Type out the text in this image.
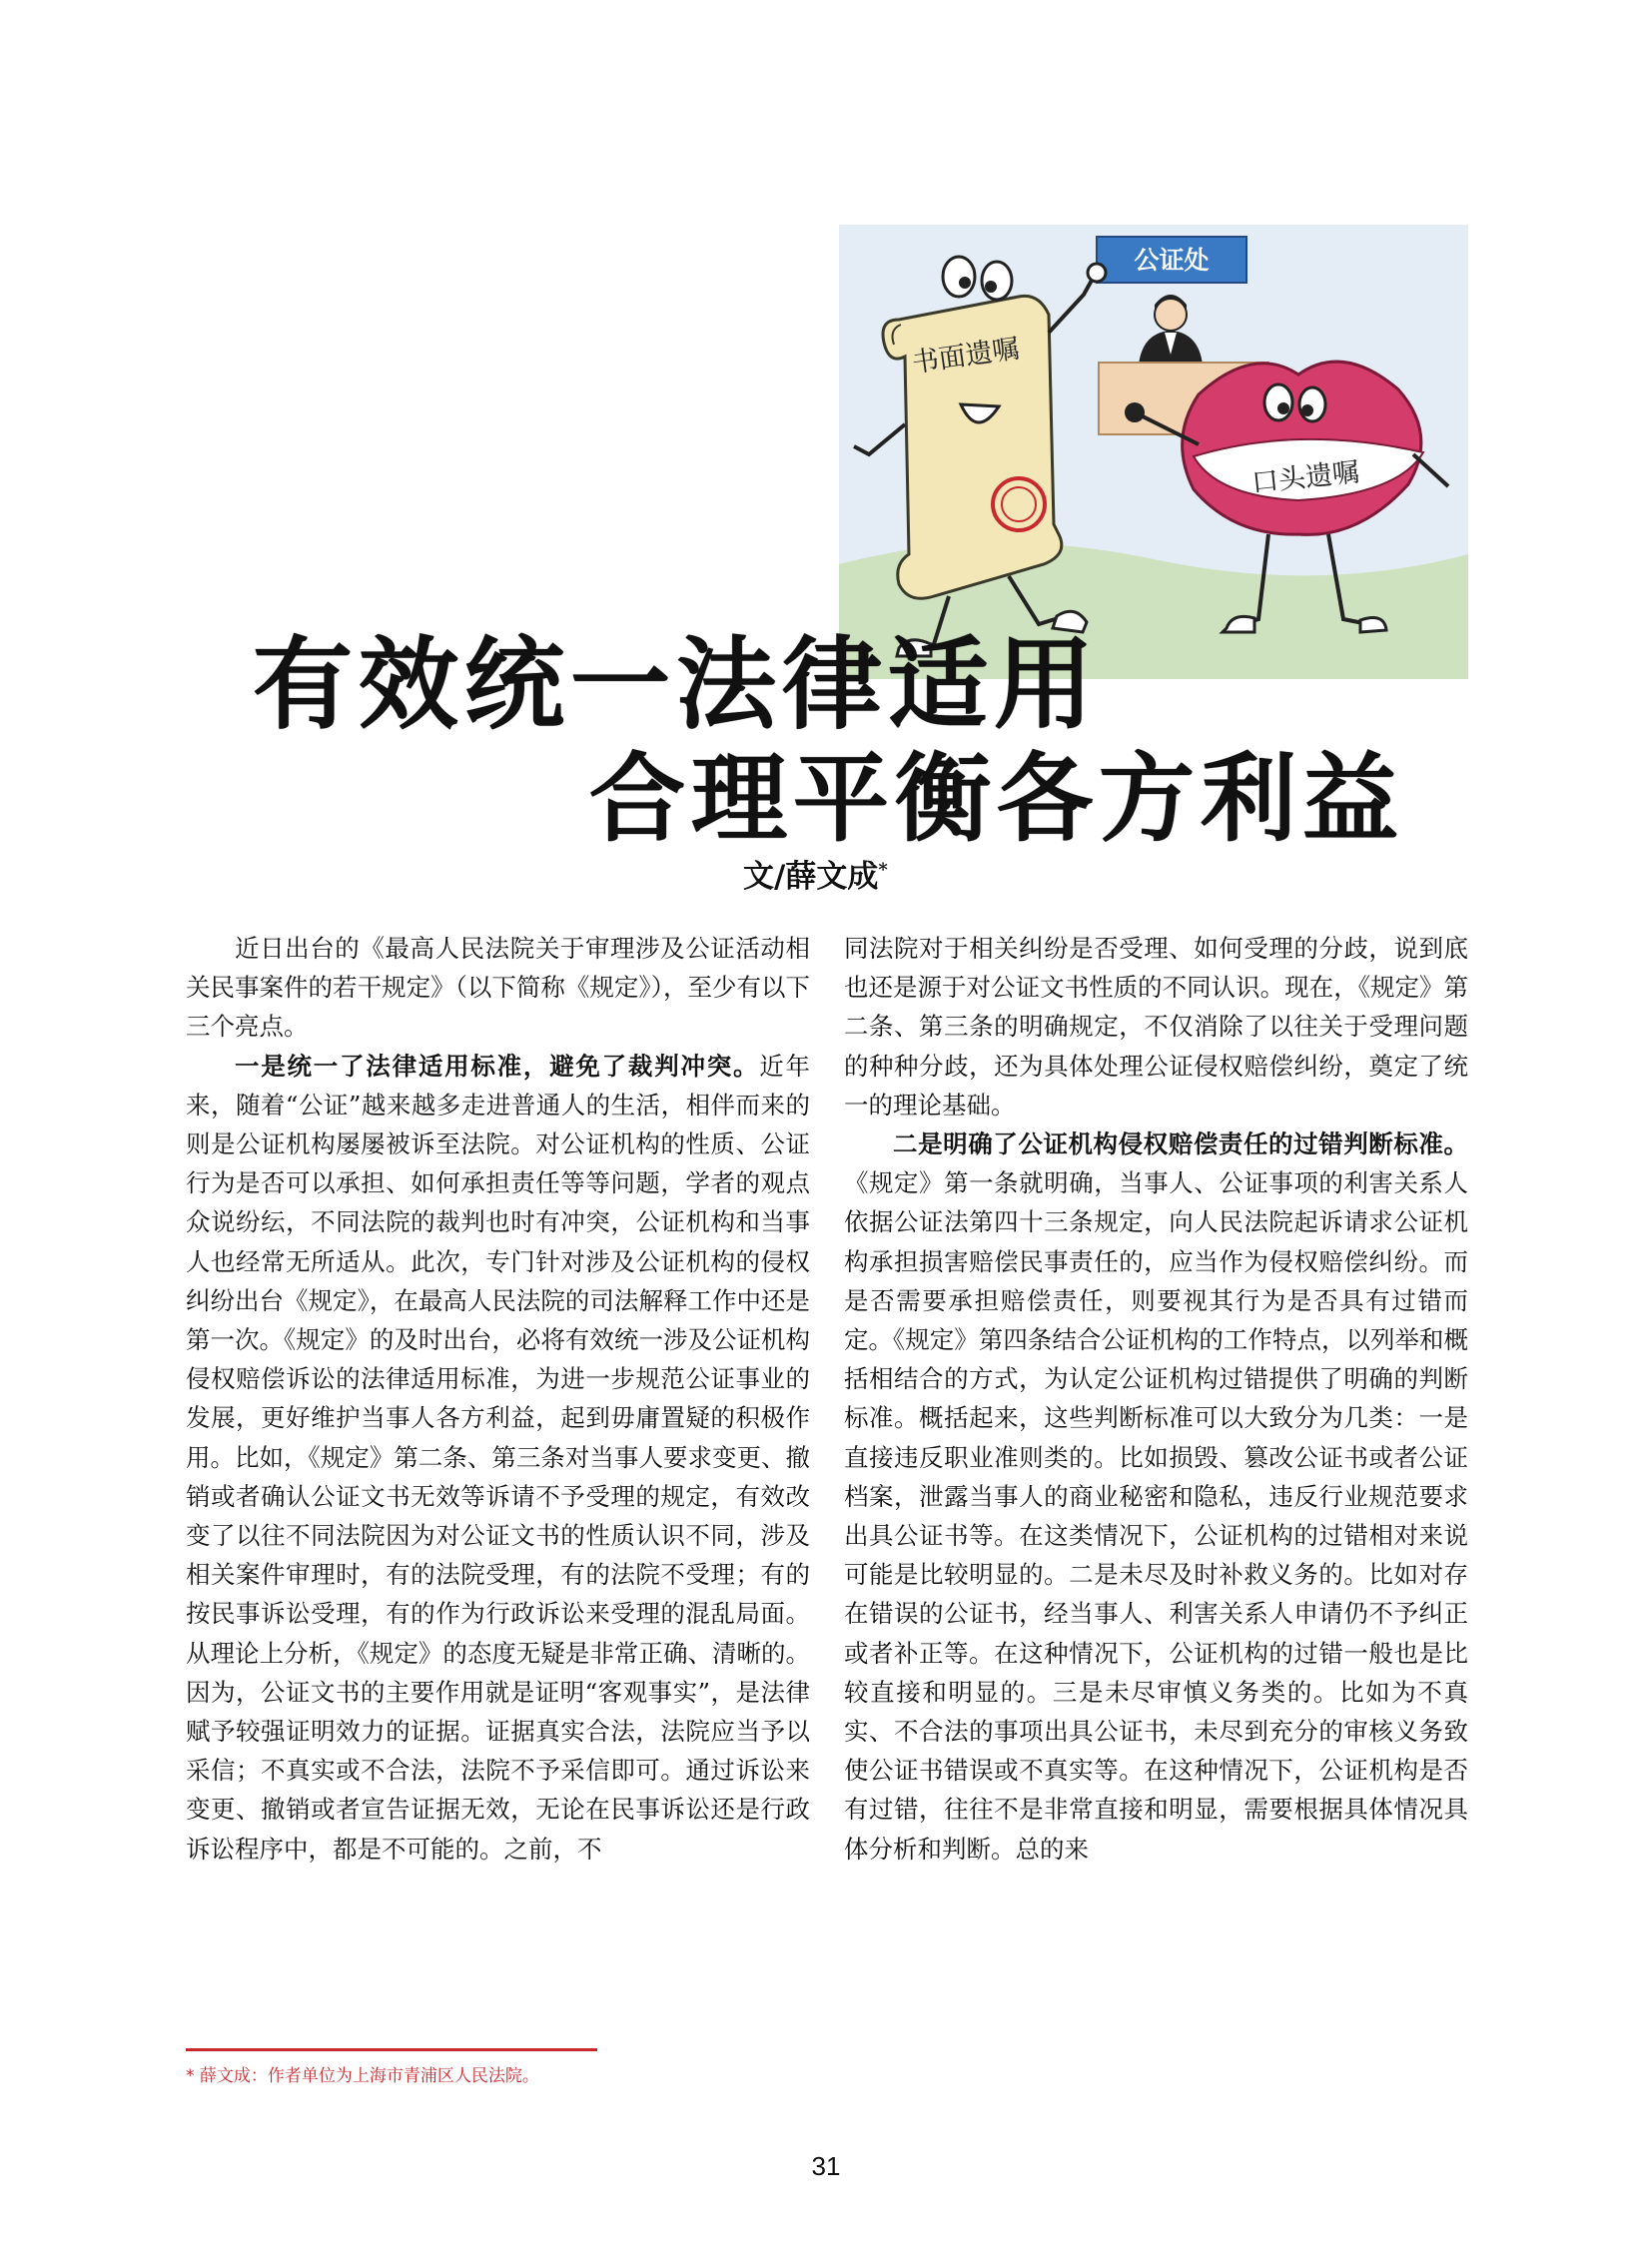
公证处
书面遗嘱
口头遗嘱
有效统一法律适用
合理平衡各方利益
文/薛文成*

近日出台的《最高人民法院关于审理涉及公证活动相关民事案件的若干规定》（以下简称《规定》），至少有以下三个亮点。

一是统一了法律适用标准，避免了裁判冲突。近年来，随着“公证”越来越多走进普通人的生活，相伴而来的则是公证机构屡屡被诉至法院。对公证机构的性质、公证行为是否可以承担、如何承担责任等等问题，学者的观点众说纷纭，不同法院的裁判也时有冲突，公证机构和当事人也经常无所适从。此次，专门针对涉及公证机构的侵权纠纷出台《规定》，在最高人民法院的司法解释工作中还是第一次。《规定》的及时出台，必将有效统一涉及公证机构侵权赔偿诉讼的法律适用标准，为进一步规范公证事业的发展，更好维护当事人各方利益，起到毋庸置疑的积极作用。比如，《规定》第二条、第三条对当事人要求变更、撤销或者确认公证文书无效等诉请不予受理的规定，有效改变了以往不同法院因为对公证文书的性质认识不同，涉及相关案件审理时，有的法院受理，有的法院不受理；有的按民事诉讼受理，有的作为行政诉讼来受理的混乱局面。从理论上分析，《规定》的态度无疑是非常正确、清晰的。因为，公证文书的主要作用就是证明“客观事实”，是法律赋予较强证明效力的证据。证据真实合法，法院应当予以采信；不真实或不合法，法院不予采信即可。通过诉讼来变更、撤销或者宣告证据无效，无论在民事诉讼还是行政诉讼程序中，都是不可能的。之前，不

同法院对于相关纠纷是否受理、如何受理的分歧，说到底也还是源于对公证文书性质的不同认识。现在，《规定》第二条、第三条的明确规定，不仅消除了以往关于受理问题的种种分歧，还为具体处理公证侵权赔偿纠纷，奠定了统一的理论基础。

二是明确了公证机构侵权赔偿责任的过错判断标准。《规定》第一条就明确，当事人、公证事项的利害关系人依据公证法第四十三条规定，向人民法院起诉请求公证机构承担损害赔偿民事责任的，应当作为侵权赔偿纠纷。而是否需要承担赔偿责任，则要视其行为是否具有过错而定。《规定》第四条结合公证机构的工作特点，以列举和概括相结合的方式，为认定公证机构过错提供了明确的判断标准。概括起来，这些判断标准可以大致分为几类：一是直接违反职业准则类的。比如损毁、篡改公证书或者公证档案，泄露当事人的商业秘密和隐私，违反行业规范要求出具公证书等。在这类情况下，公证机构的过错相对来说可能是比较明显的。二是未尽及时补救义务的。比如对存在错误的公证书，经当事人、利害关系人申请仍不予纠正或者补正等。在这种情况下，公证机构的过错一般也是比较直接和明显的。三是未尽审慎义务类的。比如为不真实、不合法的事项出具公证书，未尽到充分的审核义务致使公证书错误或不真实等。在这种情况下，公证机构是否有过错，往往不是非常直接和明显，需要根据具体情况具体分析和判断。总的来

* 薛文成：作者单位为上海市青浦区人民法院。
31
